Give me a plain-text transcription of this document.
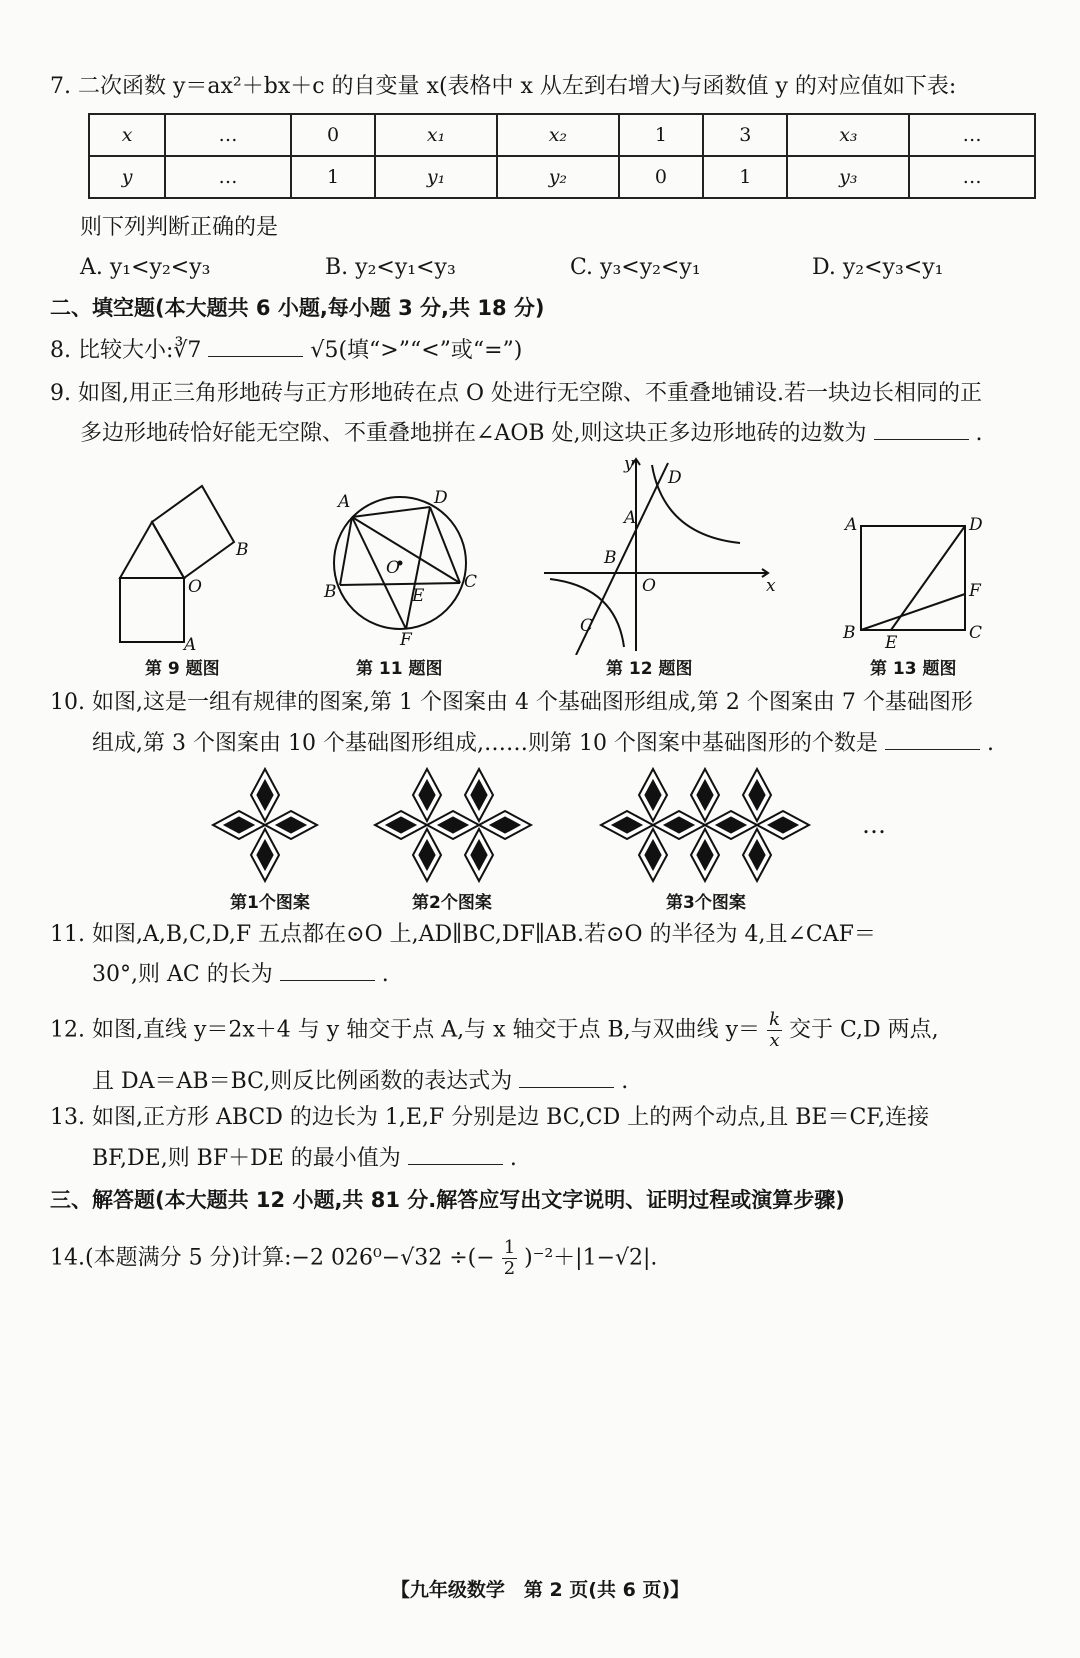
7. 二次函数 y＝ax²＋bx＋c 的自变量 x(表格中 x 从左到右增大)与函数值 y 的对应值如下表:
x	…	0	x₁	x₂	1	3	x₃	…
y	…	1	y₁	y₂	0	1	y₃	…
则下列判断正确的是
A. y₁<y₂<y₃	B. y₂<y₁<y₃	C. y₃<y₂<y₁	D. y₂<y₃<y₁
二、填空题(本大题共 6 小题,每小题 3 分,共 18 分)
8. 比较大小:∛7	√5(填“>”“<”或“=”)
9. 如图,用正三角形地砖与正方形地砖在点 O 处进行无空隙、不重叠地铺设.若一块边长相同的正
多边形地砖恰好能无空隙、不重叠地拼在∠AOB 处,则这块正多边形地砖的边数为	.
B
O
A
第 9 题图
A	D
O
C
B	E
F
第 11 题图
y
D
A
B
O	x
C
第 12 题图
A	D
F
B E	C
第 13 题图
10. 如图,这是一组有规律的图案,第 1 个图案由 4 个基础图形组成,第 2 个图案由 7 个基础图形
组成,第 3 个图案由 10 个基础图形组成,……则第 10 个图案中基础图形的个数是	.
第1个图案	第2个图案	第3个图案
…
11. 如图,A,B,C,D,F 五点都在⊙O 上,AD∥BC,DF∥AB.若⊙O 的半径为 4,且∠CAF＝
30°,则 AC 的长为	.
12. 如图,直线 y＝2x＋4 与 y 轴交于点 A,与 x 轴交于点 B,与双曲线 $y= \frac{k}{x}$ 交于 C,D 两点,
且 DA＝AB＝BC,则反比例函数的表达式为	.
13. 如图,正方形 ABCD 的边长为 1,E,F 分别是边 BC,CD 上的两个动点,且 BE＝CF,连接
BF,DE,则 BF＋DE 的最小值为	.
三、解答题(本大题共 12 小题,共 81 分.解答应写出文字说明、证明过程或演算步骤)
14.(本题满分 5 分)计算:−2 026⁰−√32 ÷(− $\frac{1}{2} )^{-2}+|1-√2|$.
【九年级数学　第 2 页(共 6 页)】
